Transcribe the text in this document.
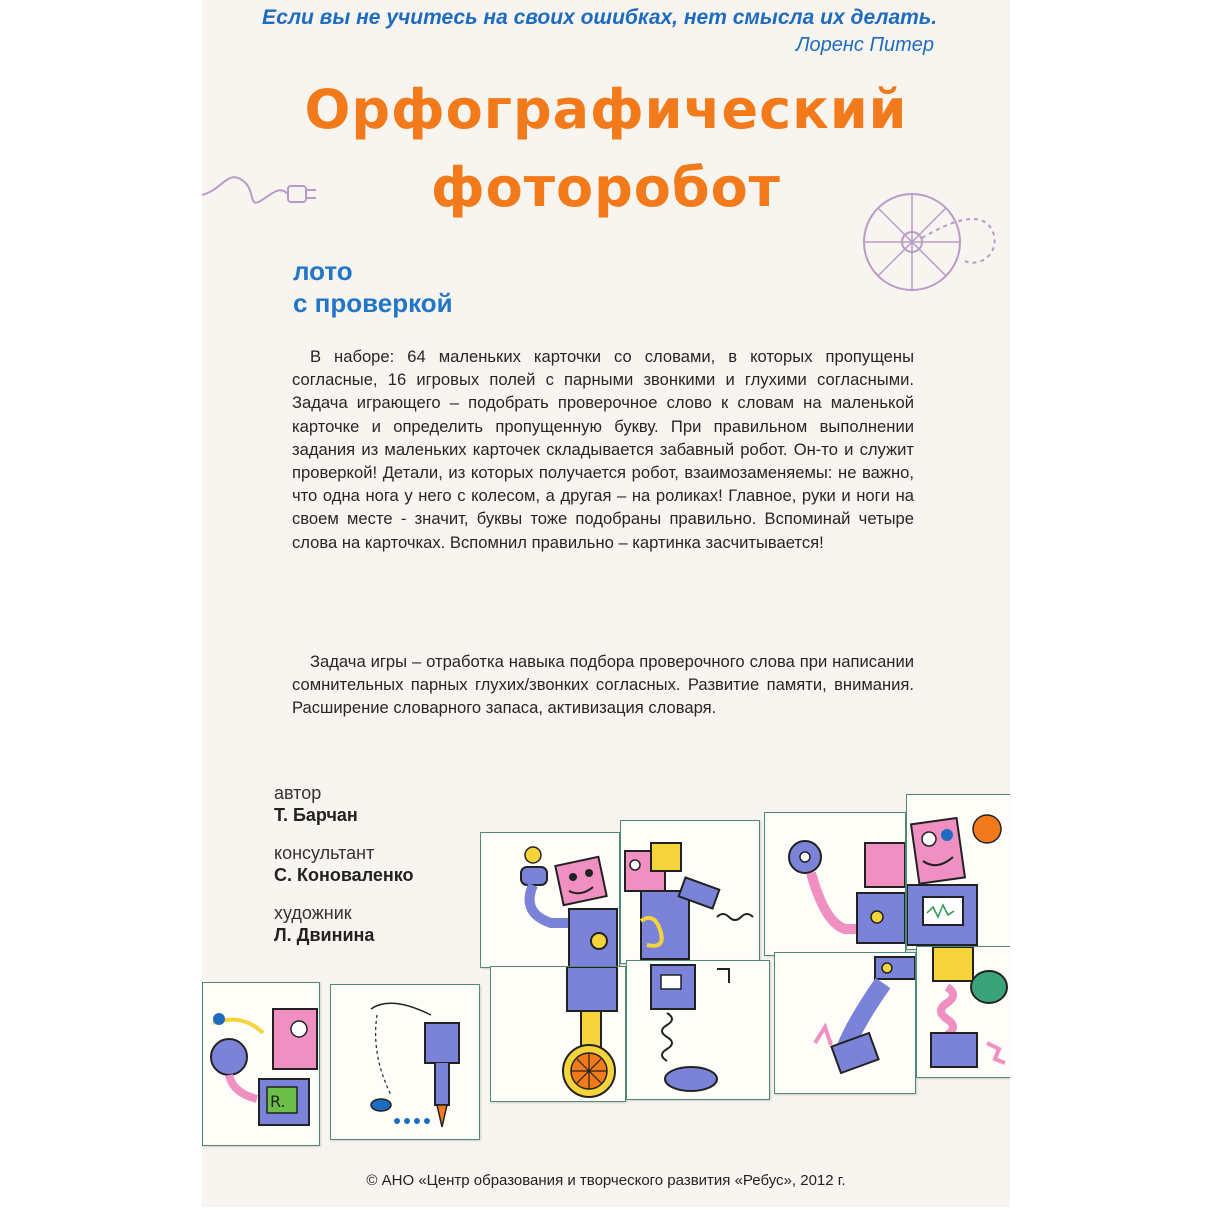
Если вы не учитесь на своих ошибках, нет смысла их делать.
Лоренс Питер
Орфографический
фоторобот
лото
с проверкой

В наборе: 64 маленьких карточки со словами, в которых пропущены согласные, 16 игровых полей с парными звонкими и глухими согласными. Задача играющего – подобрать проверочное слово к словам на маленькой карточке и определить пропущенную букву. При правильном выполнении задания из маленьких карточек складывается забавный робот. Он-то и служит проверкой! Детали, из которых получается робот, взаимозаменяемы: не важно, что одна нога у него с колесом, а другая – на роликах! Главное, руки и ноги на своем месте - значит, буквы тоже подобраны правильно. Вспоминай четыре слова на карточках. Вспомнил правильно – картинка засчитывается!

Задача игры – отработка навыка подбора проверочного слова при написании сомнительных парных глухих/звонких согласных. Развитие памяти, внимания. Расширение словарного запаса, активизация словаря.

автор
Т. Барчан
консультант
С. Коноваленко
художник
Л. Двинина
R.
© АНО «Центр образования и творческого развития «Ребус», 2012 г.
